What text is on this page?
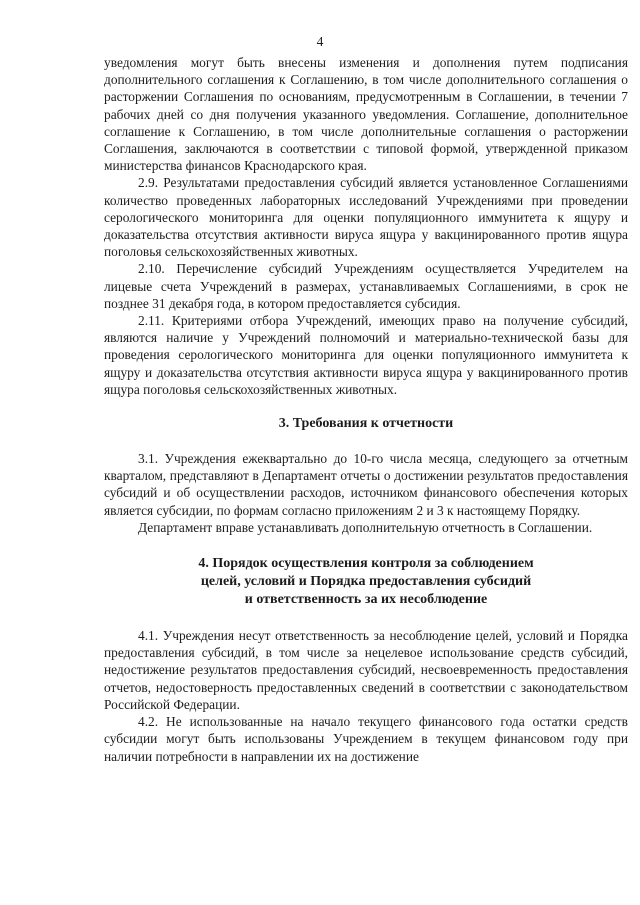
4

уведомления могут быть внесены изменения и дополнения путем подписания дополнительного соглашения к Соглашению, в том числе дополнительного соглашения о расторжении Соглашения по основаниям, предусмотренным в Соглашении, в течении 7 рабочих дней со дня получения указанного уведомления. Соглашение, дополнительное соглашение к Соглашению, в том числе дополнительные соглашения о расторжении Соглашения, заключаются в соответствии с типовой формой, утвержденной приказом министерства финансов Краснодарского края.

2.9. Результатами предоставления субсидий является установленное Соглашениями количество проведенных лабораторных исследований Учреждениями при проведении серологического мониторинга для оценки популяционного иммунитета к ящуру и доказательства отсутствия активности вируса ящура у вакцинированного против ящура поголовья сельскохозяйственных животных.

2.10. Перечисление субсидий Учреждениям осуществляется Учредителем на лицевые счета Учреждений в размерах, устанавливаемых Соглашениями, в срок не позднее 31 декабря года, в котором предоставляется субсидия.

2.11. Критериями отбора Учреждений, имеющих право на получение субсидий, являются наличие у Учреждений полномочий и материально-технической базы для проведения серологического мониторинга для оценки популяционного иммунитета к ящуру и доказательства отсутствия активности вируса ящура у вакцинированного против ящура поголовья сельскохозяйственных животных.

3. Требования к отчетности

3.1. Учреждения ежеквартально до 10-го числа месяца, следующего за отчетным кварталом, представляют в Департамент отчеты о достижении результатов предоставления субсидий и об осуществлении расходов, источником финансового обеспечения которых является субсидии, по формам согласно приложениям 2 и 3 к настоящему Порядку.

Департамент вправе устанавливать дополнительную отчетность в Соглашении.

4. Порядок осуществления контроля за соблюдением
целей, условий и Порядка предоставления субсидий
и ответственность за их несоблюдение

4.1. Учреждения несут ответственность за несоблюдение целей, условий и Порядка предоставления субсидий, в том числе за нецелевое использование средств субсидий, недостижение результатов предоставления субсидий, несвоевременность предоставления отчетов, недостоверность предоставленных сведений в соответствии с законодательством Российской Федерации.

4.2. Не использованные на начало текущего финансового года остатки средств субсидии могут быть использованы Учреждением в текущем финансовом году при наличии потребности в направлении их на достижение
